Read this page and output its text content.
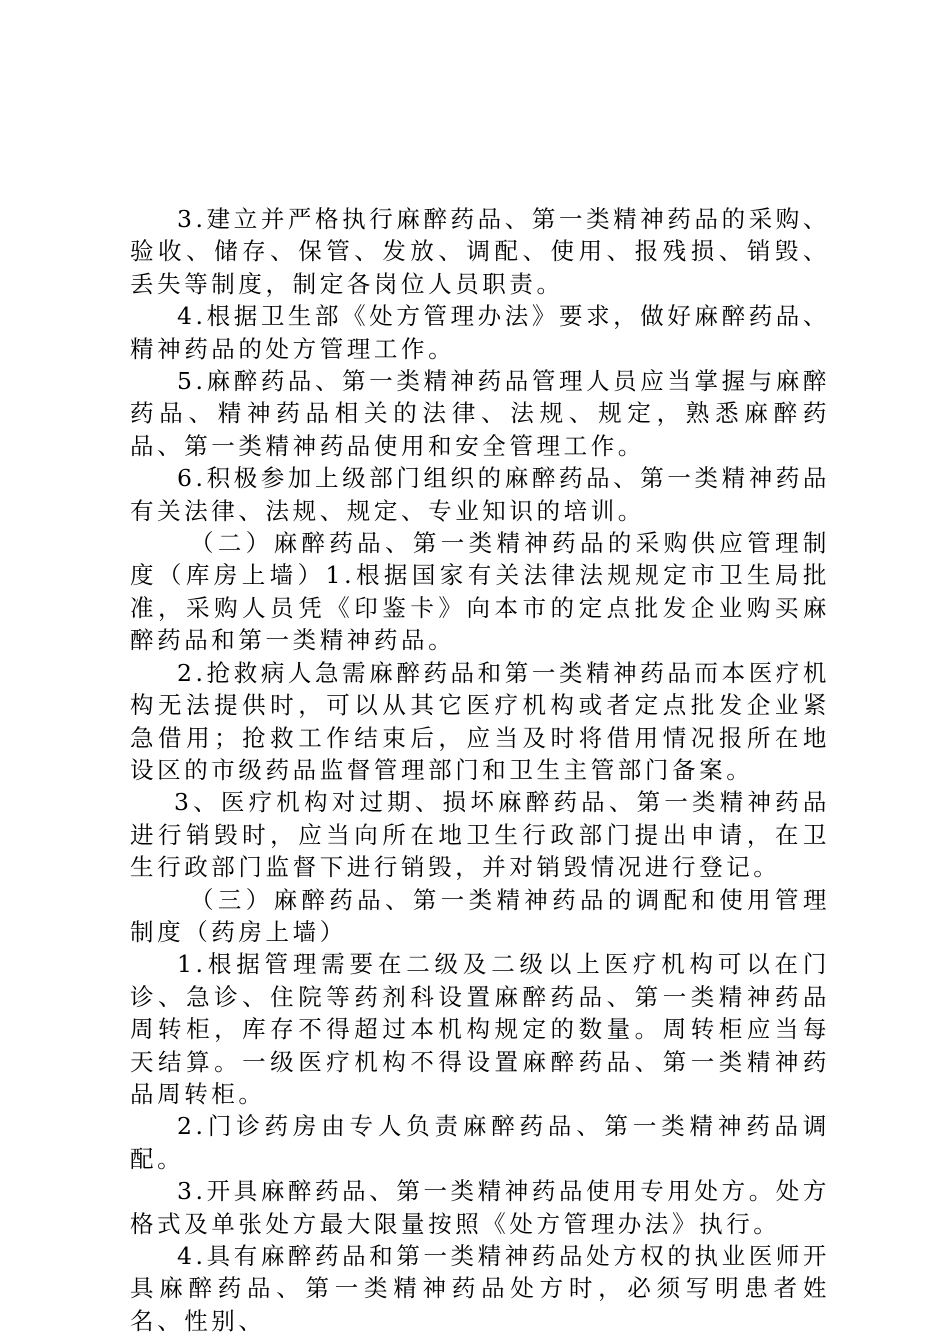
3.建立并严格执行麻醉药品、第一类精神药品的采购、验收、储存、保管、发放、调配、使用、报残损、销毁、丢失等制度，制定各岗位人员职责。

4.根据卫生部《处方管理办法》要求，做好麻醉药品、精神药品的处方管理工作。

5.麻醉药品、第一类精神药品管理人员应当掌握与麻醉药品、精神药品相关的法律、法规、规定，熟悉麻醉药品、第一类精神药品使用和安全管理工作。

6.积极参加上级部门组织的麻醉药品、第一类精神药品有关法律、法规、规定、专业知识的培训。

（二）麻醉药品、第一类精神药品的采购供应管理制度（库房上墙）1.根据国家有关法律法规规定市卫生局批准，采购人员凭《印鉴卡》向本市的定点批发企业购买麻醉药品和第一类精神药品。

2.抢救病人急需麻醉药品和第一类精神药品而本医疗机构无法提供时，可以从其它医疗机构或者定点批发企业紧急借用；抢救工作结束后，应当及时将借用情况报所在地设区的市级药品监督管理部门和卫生主管部门备案。

3、医疗机构对过期、损坏麻醉药品、第一类精神药品进行销毁时，应当向所在地卫生行政部门提出申请，在卫生行政部门监督下进行销毁，并对销毁情况进行登记。

（三）麻醉药品、第一类精神药品的调配和使用管理制度（药房上墙）

1.根据管理需要在二级及二级以上医疗机构可以在门诊、急诊、住院等药剂科设置麻醉药品、第一类精神药品周转柜，库存不得超过本机构规定的数量。周转柜应当每天结算。一级医疗机构不得设置麻醉药品、第一类精神药品周转柜。

2.门诊药房由专人负责麻醉药品、第一类精神药品调配。

3.开具麻醉药品、第一类精神药品使用专用处方。处方格式及单张处方最大限量按照《处方管理办法》执行。

4.具有麻醉药品和第一类精神药品处方权的执业医师开具麻醉药品、第一类精神药品处方时，必须写明患者姓名、性别、
